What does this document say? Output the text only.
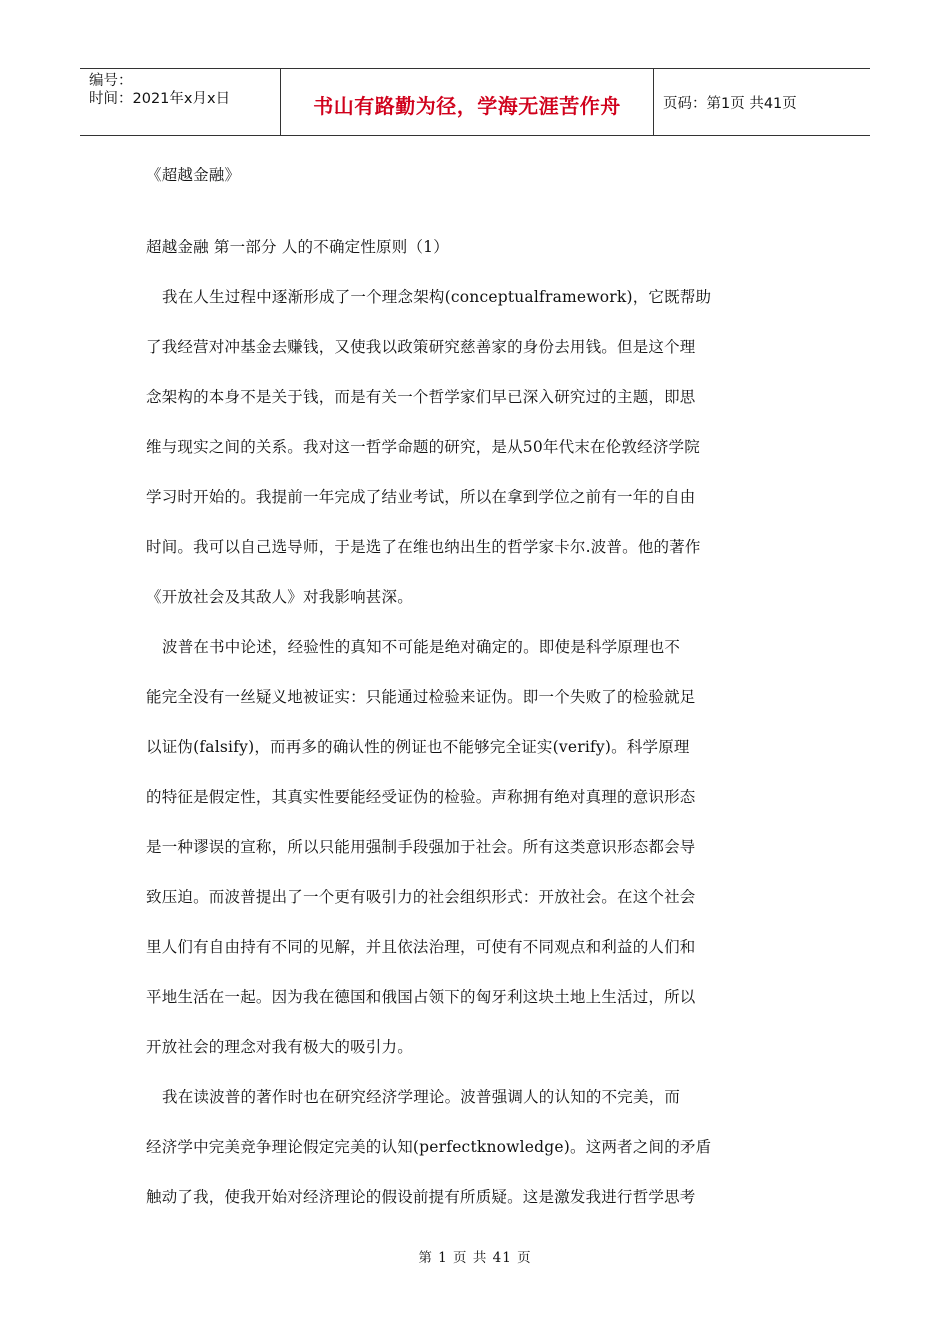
编号：
时间：2021年x月x日	书山有路勤为径，学海无涯苦作舟	页码：第1页 共41页
《超越金融》
超越金融 第一部分 人的不确定性原则（1）
我在人生过程中逐渐形成了一个理念架构(conceptualframework)，它既帮助
了我经营对冲基金去赚钱，又使我以政策研究慈善家的身份去用钱。但是这个理
念架构的本身不是关于钱，而是有关一个哲学家们早已深入研究过的主题，即思
维与现实之间的关系。我对这一哲学命题的研究，是从50年代末在伦敦经济学院
学习时开始的。我提前一年完成了结业考试，所以在拿到学位之前有一年的自由
时间。我可以自己选导师，于是选了在维也纳出生的哲学家卡尔.波普。他的著作
《开放社会及其敌人》对我影响甚深。
波普在书中论述，经验性的真知不可能是绝对确定的。即使是科学原理也不
能完全没有一丝疑义地被证实：只能通过检验来证伪。即一个失败了的检验就足
以证伪(falsify)，而再多的确认性的例证也不能够完全证实(verify)。科学原理
的特征是假定性，其真实性要能经受证伪的检验。声称拥有绝对真理的意识形态
是一种谬误的宣称，所以只能用强制手段强加于社会。所有这类意识形态都会导
致压迫。而波普提出了一个更有吸引力的社会组织形式：开放社会。在这个社会
里人们有自由持有不同的见解，并且依法治理，可使有不同观点和利益的人们和
平地生活在一起。因为我在德国和俄国占领下的匈牙利这块土地上生活过，所以
开放社会的理念对我有极大的吸引力。
我在读波普的著作时也在研究经济学理论。波普强调人的认知的不完美，而
经济学中完美竞争理论假定完美的认知(perfectknowledge)。这两者之间的矛盾
触动了我，使我开始对经济理论的假设前提有所质疑。这是激发我进行哲学思考
第 1 页 共 41 页
